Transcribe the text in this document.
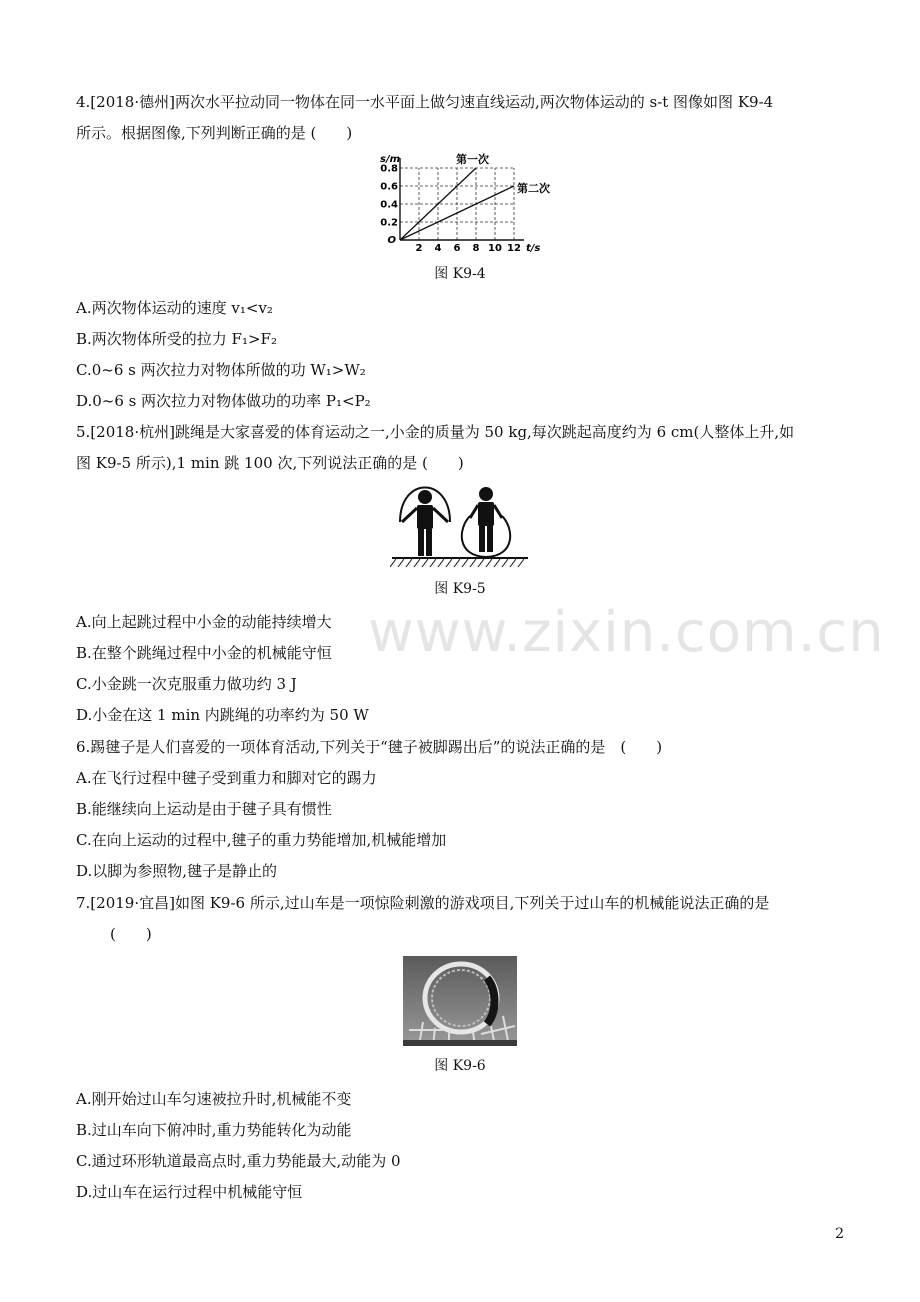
4.[2018·德州]两次水平拉动同一物体在同一水平面上做匀速直线运动,两次物体运动的 s-t 图像如图 K9-4
所示。根据图像,下列判断正确的是 (　　)
2 4 6 8 10 12
0.2
0.4
0.6
0.8
O
t/s
s/m	第一次
第二次
图 K9-4
A.两次物体运动的速度 v₁<v₂
B.两次物体所受的拉力 F₁>F₂
C.0~6 s 两次拉力对物体所做的功 W₁>W₂
D.0~6 s 两次拉力对物体做功的功率 P₁<P₂
5.[2018·杭州]跳绳是大家喜爱的体育运动之一,小金的质量为 50 kg,每次跳起高度约为 6 cm(人整体上升,如
图 K9-5 所示),1 min 跳 100 次,下列说法正确的是 (　　)
图 K9-5
A.向上起跳过程中小金的动能持续增大
B.在整个跳绳过程中小金的机械能守恒
C.小金跳一次克服重力做功约 3 J
D.小金在这 1 min 内跳绳的功率约为 50 W
6.踢毽子是人们喜爱的一项体育活动,下列关于“毽子被脚踢出后”的说法正确的是　(　　)
A.在飞行过程中毽子受到重力和脚对它的踢力
B.能继续向上运动是由于毽子具有惯性
C.在向上运动的过程中,毽子的重力势能增加,机械能增加
D.以脚为参照物,毽子是静止的
7.[2019·宜昌]如图 K9-6 所示,过山车是一项惊险刺激的游戏项目,下列关于过山车的机械能说法正确的是
(　　)
图 K9-6
A.刚开始过山车匀速被拉升时,机械能不变
B.过山车向下俯冲时,重力势能转化为动能
C.通过环形轨道最高点时,重力势能最大,动能为 0
D.过山车在运行过程中机械能守恒
www.zixin.com.cn
2
